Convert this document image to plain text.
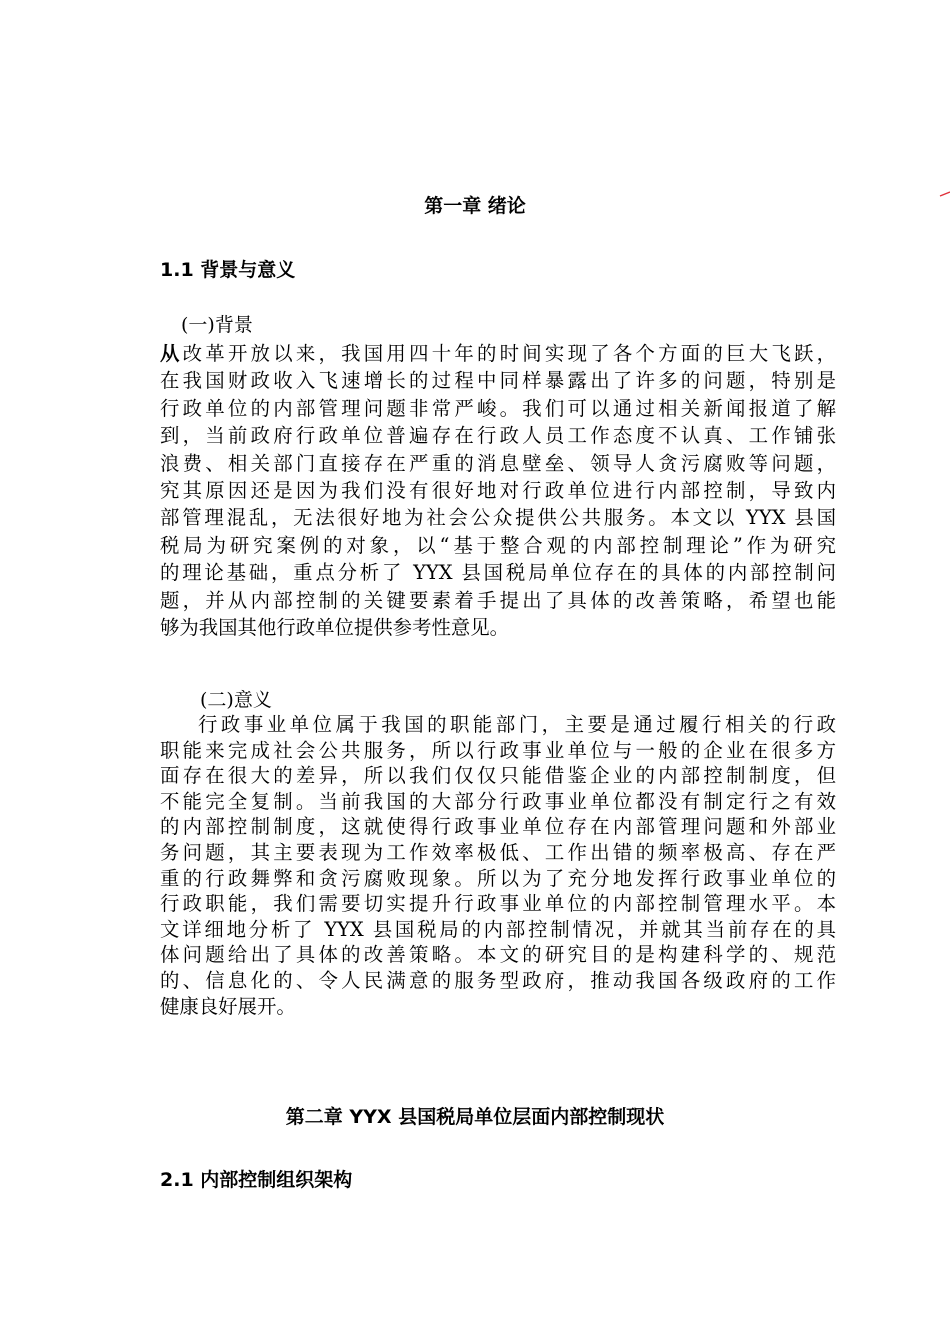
第一章 绪论
1.1 背景与意义
(一)背景
从改革开放以来，我国用四十年的时间实现了各个方面的巨大飞跃，
在我国财政收入飞速增长的过程中同样暴露出了许多的问题，特别是
行政单位的内部管理问题非常严峻。我们可以通过相关新闻报道了解
到，当前政府行政单位普遍存在行政人员工作态度不认真、工作铺张
浪费、相关部门直接存在严重的消息壁垒、领导人贪污腐败等问题，
究其原因还是因为我们没有很好地对行政单位进行内部控制，导致内
部管理混乱，无法很好地为社会公众提供公共服务。本文以 YYX 县国
税局为研究案例的对象，以“基于整合观的内部控制理论”作为研究
的理论基础，重点分析了 YYX 县国税局单位存在的具体的内部控制问
题，并从内部控制的关键要素着手提出了具体的改善策略，希望也能
够为我国其他行政单位提供参考性意见。
(二)意义
行政事业单位属于我国的职能部门，主要是通过履行相关的行政
职能来完成社会公共服务，所以行政事业单位与一般的企业在很多方
面存在很大的差异，所以我们仅仅只能借鉴企业的内部控制制度，但
不能完全复制。当前我国的大部分行政事业单位都没有制定行之有效
的内部控制制度，这就使得行政事业单位存在内部管理问题和外部业
务问题，其主要表现为工作效率极低、工作出错的频率极高、存在严
重的行政舞弊和贪污腐败现象。所以为了充分地发挥行政事业单位的
行政职能，我们需要切实提升行政事业单位的内部控制管理水平。本
文详细地分析了 YYX 县国税局的内部控制情况，并就其当前存在的具
体问题给出了具体的改善策略。本文的研究目的是构建科学的、规范
的、信息化的、令人民满意的服务型政府，推动我国各级政府的工作
健康良好展开。
第二章 YYX 县国税局单位层面内部控制现状
2.1 内部控制组织架构
